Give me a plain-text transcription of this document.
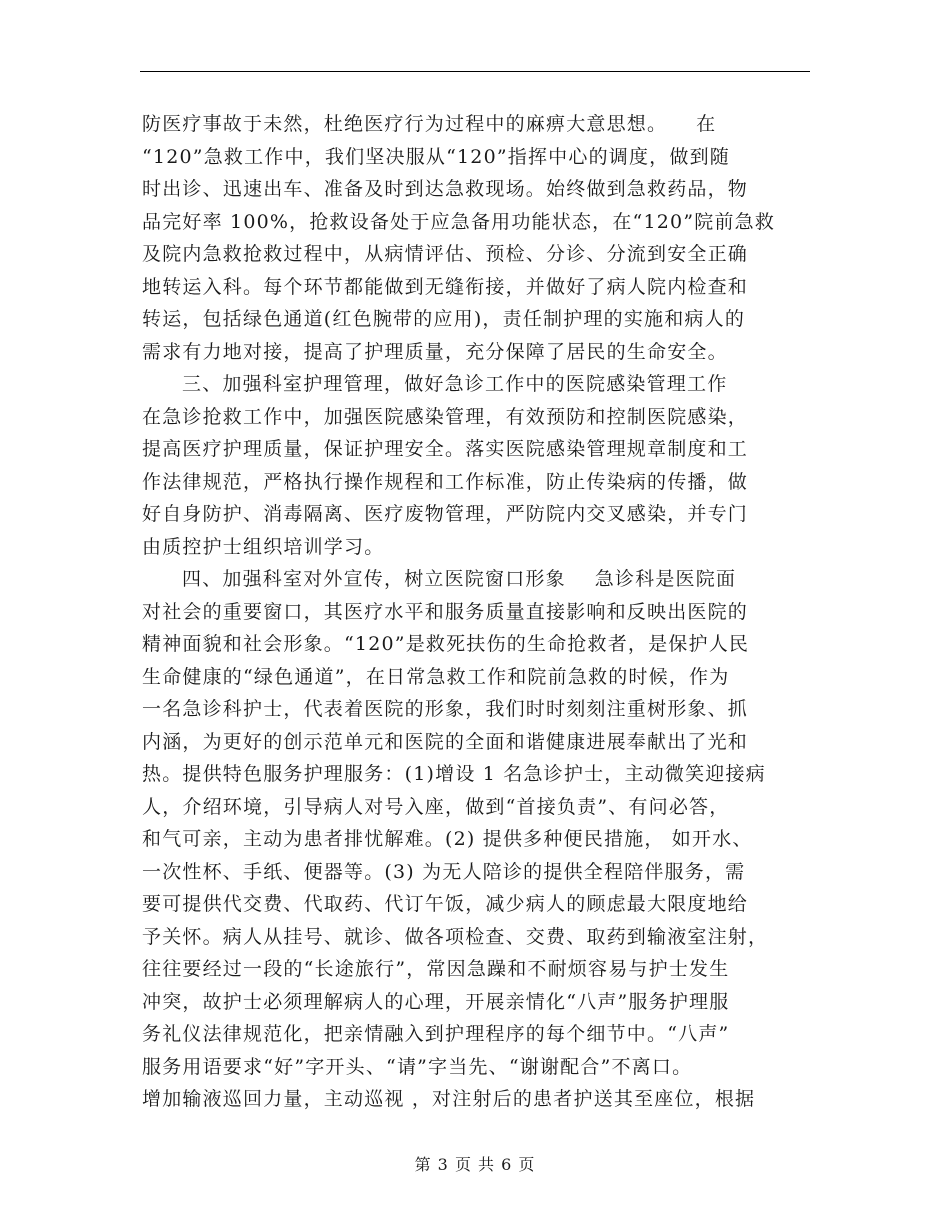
防医疗事故于未然，杜绝医疗行为过程中的麻痹大意思想。    在
“120”急救工作中，我们坚决服从“120”指挥中心的调度，做到随
时出诊、迅速出车、准备及时到达急救现场。始终做到急救药品，物
品完好率 100%，抢救设备处于应急备用功能状态，在“120”院前急救
及院内急救抢救过程中，从病情评估、预检、分诊、分流到安全正确
地转运入科。每个环节都能做到无缝衔接，并做好了病人院内检查和
转运，包括绿色通道(红色腕带的应用)，责任制护理的实施和病人的
需求有力地对接，提高了护理质量，充分保障了居民的生命安全。
三、加强科室护理管理，做好急诊工作中的医院感染管理工作
在急诊抢救工作中，加强医院感染管理，有效预防和控制医院感染，
提高医疗护理质量，保证护理安全。落实医院感染管理规章制度和工
作法律规范，严格执行操作规程和工作标准，防止传染病的传播，做
好自身防护、消毒隔离、医疗废物管理，严防院内交叉感染，并专门
由质控护士组织培训学习。
四、加强科室对外宣传，树立医院窗口形象    急诊科是医院面
对社会的重要窗口，其医疗水平和服务质量直接影响和反映出医院的
精神面貌和社会形象。“120”是救死扶伤的生命抢救者，是保护人民
生命健康的“绿色通道”，在日常急救工作和院前急救的时候，作为
一名急诊科护士，代表着医院的形象，我们时时刻刻注重树形象、抓
内涵，为更好的创示范单元和医院的全面和谐健康进展奉献出了光和
热。提供特色服务护理服务：(1)增设 1 名急诊护士，主动微笑迎接病
人，介绍环境，引导病人对号入座，做到“首接负责”、有问必答，
和气可亲，主动为患者排忧解难。(2) 提供多种便民措施， 如开水、
一次性杯、手纸、便器等。(3) 为无人陪诊的提供全程陪伴服务，需
要可提供代交费、代取药、代订午饭，减少病人的顾虑最大限度地给
予关怀。病人从挂号、就诊、做各项检查、交费、取药到输液室注射，
往往要经过一段的“长途旅行”，常因急躁和不耐烦容易与护士发生
冲突，故护士必须理解病人的心理，开展亲情化“八声”服务护理服
务礼仪法律规范化，把亲情融入到护理程序的每个细节中。“八声”
服务用语要求“好”字开头、“请”字当先、“谢谢配合”不离口。
增加输液巡回力量，主动巡视 ，对注射后的患者护送其至座位，根据
第 3 页 共 6 页
